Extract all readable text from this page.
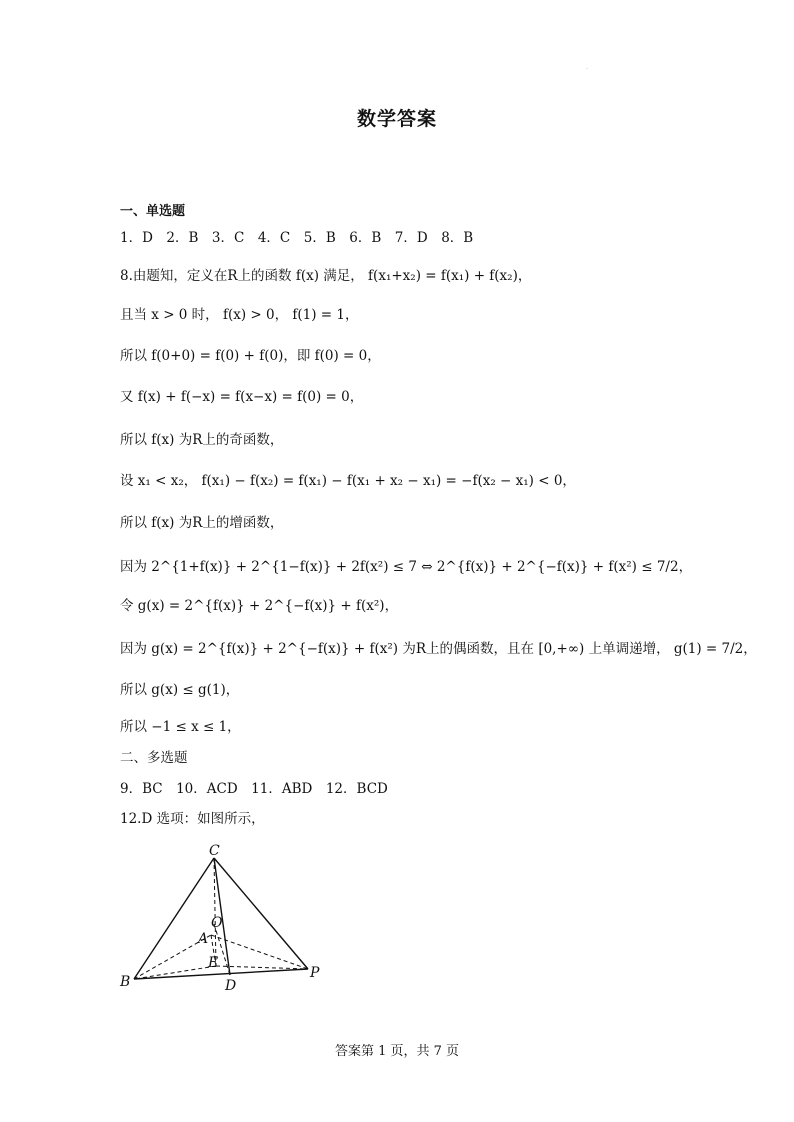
·
数学答案
一、单选题
1．D　2．B　3．C　4．C　5．B　6．B　7．D　8．B
8.由题知，定义在R上的函数 f(x) 满足， f(x₁+x₂) = f(x₁) + f(x₂)，
且当 x > 0 时， f(x) > 0， f(1) = 1，
所以 f(0+0) = f(0) + f(0)，即 f(0) = 0，
又 f(x) + f(−x) = f(x−x) = f(0) = 0，
所以 f(x) 为R上的奇函数，
设 x₁ < x₂， f(x₁) − f(x₂) = f(x₁) − f(x₁ + x₂ − x₁) = −f(x₂ − x₁) < 0，
所以 f(x) 为R上的增函数，
因为 2^{1+f(x)} + 2^{1−f(x)} + 2f(x²) ≤ 7 ⇔ 2^{f(x)} + 2^{−f(x)} + f(x²) ≤ 7/2，
令 g(x) = 2^{f(x)} + 2^{−f(x)} + f(x²)，
因为 g(x) = 2^{f(x)} + 2^{−f(x)} + f(x²) 为R上的偶函数，且在 [0,+∞) 上单调递增， g(1) = 7/2，
所以 g(x) ≤ g(1)，
所以 −1 ≤ x ≤ 1，
二、多选题
9．BC　10．ACD　11．ABD　12．BCD
12.D 选项：如图所示，
C
O
A
E
B	D
P
答案第 1 页，共 7 页
